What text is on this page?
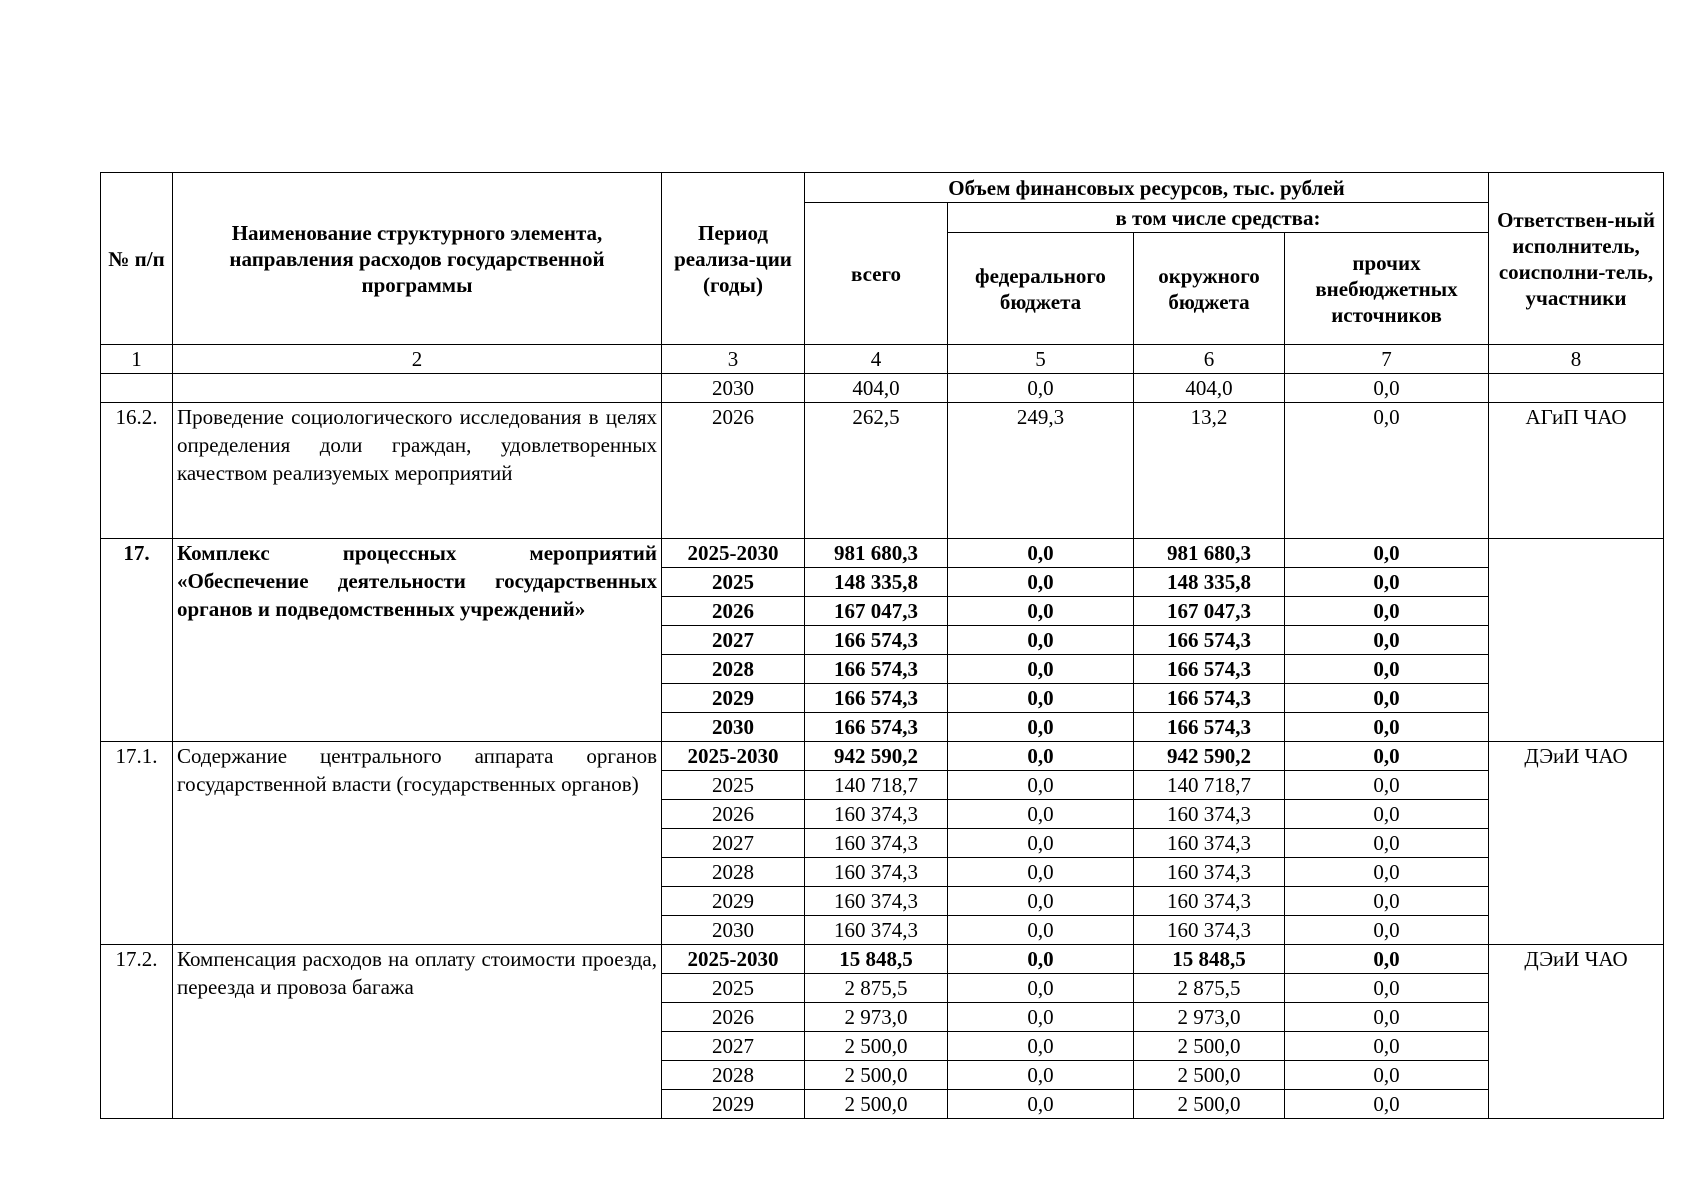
№ п/п	Наименование структурного элемента, направления расходов государственной программы	Период реализа-ции (годы)	Объем финансовых ресурсов, тыс. рублей				Ответствен-ный исполнитель, соисполни-тель, участники
			всего	в том числе средства:			
				федерального бюджета	окружного бюджета	прочих внебюджетных источников	
1	2	3	4	5	6	7	8
		2030	404,0	0,0	404,0	0,0	
16.2.	Проведение социологического исследования в целях определения доли граждан, удовлетворенных качеством реализуемых мероприятий	2026	262,5	249,3	13,2	0,0	АГиП ЧАО
17.	Комплекс процессных мероприятий «Обеспечение деятельности государственных органов и подведомственных учреждений»	2025-2030	981 680,3	0,0	981 680,3	0,0	
		2025	148 335,8	0,0	148 335,8	0,0	
		2026	167 047,3	0,0	167 047,3	0,0	
		2027	166 574,3	0,0	166 574,3	0,0	
		2028	166 574,3	0,0	166 574,3	0,0	
		2029	166 574,3	0,0	166 574,3	0,0	
		2030	166 574,3	0,0	166 574,3	0,0	
17.1.	Содержание центрального аппарата органов государственной власти (государственных органов)	2025-2030	942 590,2	0,0	942 590,2	0,0	ДЭиИ ЧАО
		2025	140 718,7	0,0	140 718,7	0,0	
		2026	160 374,3	0,0	160 374,3	0,0	
		2027	160 374,3	0,0	160 374,3	0,0	
		2028	160 374,3	0,0	160 374,3	0,0	
		2029	160 374,3	0,0	160 374,3	0,0	
		2030	160 374,3	0,0	160 374,3	0,0	
17.2.	Компенсация расходов на оплату стоимости проезда, переезда и провоза багажа	2025-2030	15 848,5	0,0	15 848,5	0,0	ДЭиИ ЧАО
		2025	2 875,5	0,0	2 875,5	0,0	
		2026	2 973,0	0,0	2 973,0	0,0	
		2027	2 500,0	0,0	2 500,0	0,0	
		2028	2 500,0	0,0	2 500,0	0,0	
		2029	2 500,0	0,0	2 500,0	0,0	
